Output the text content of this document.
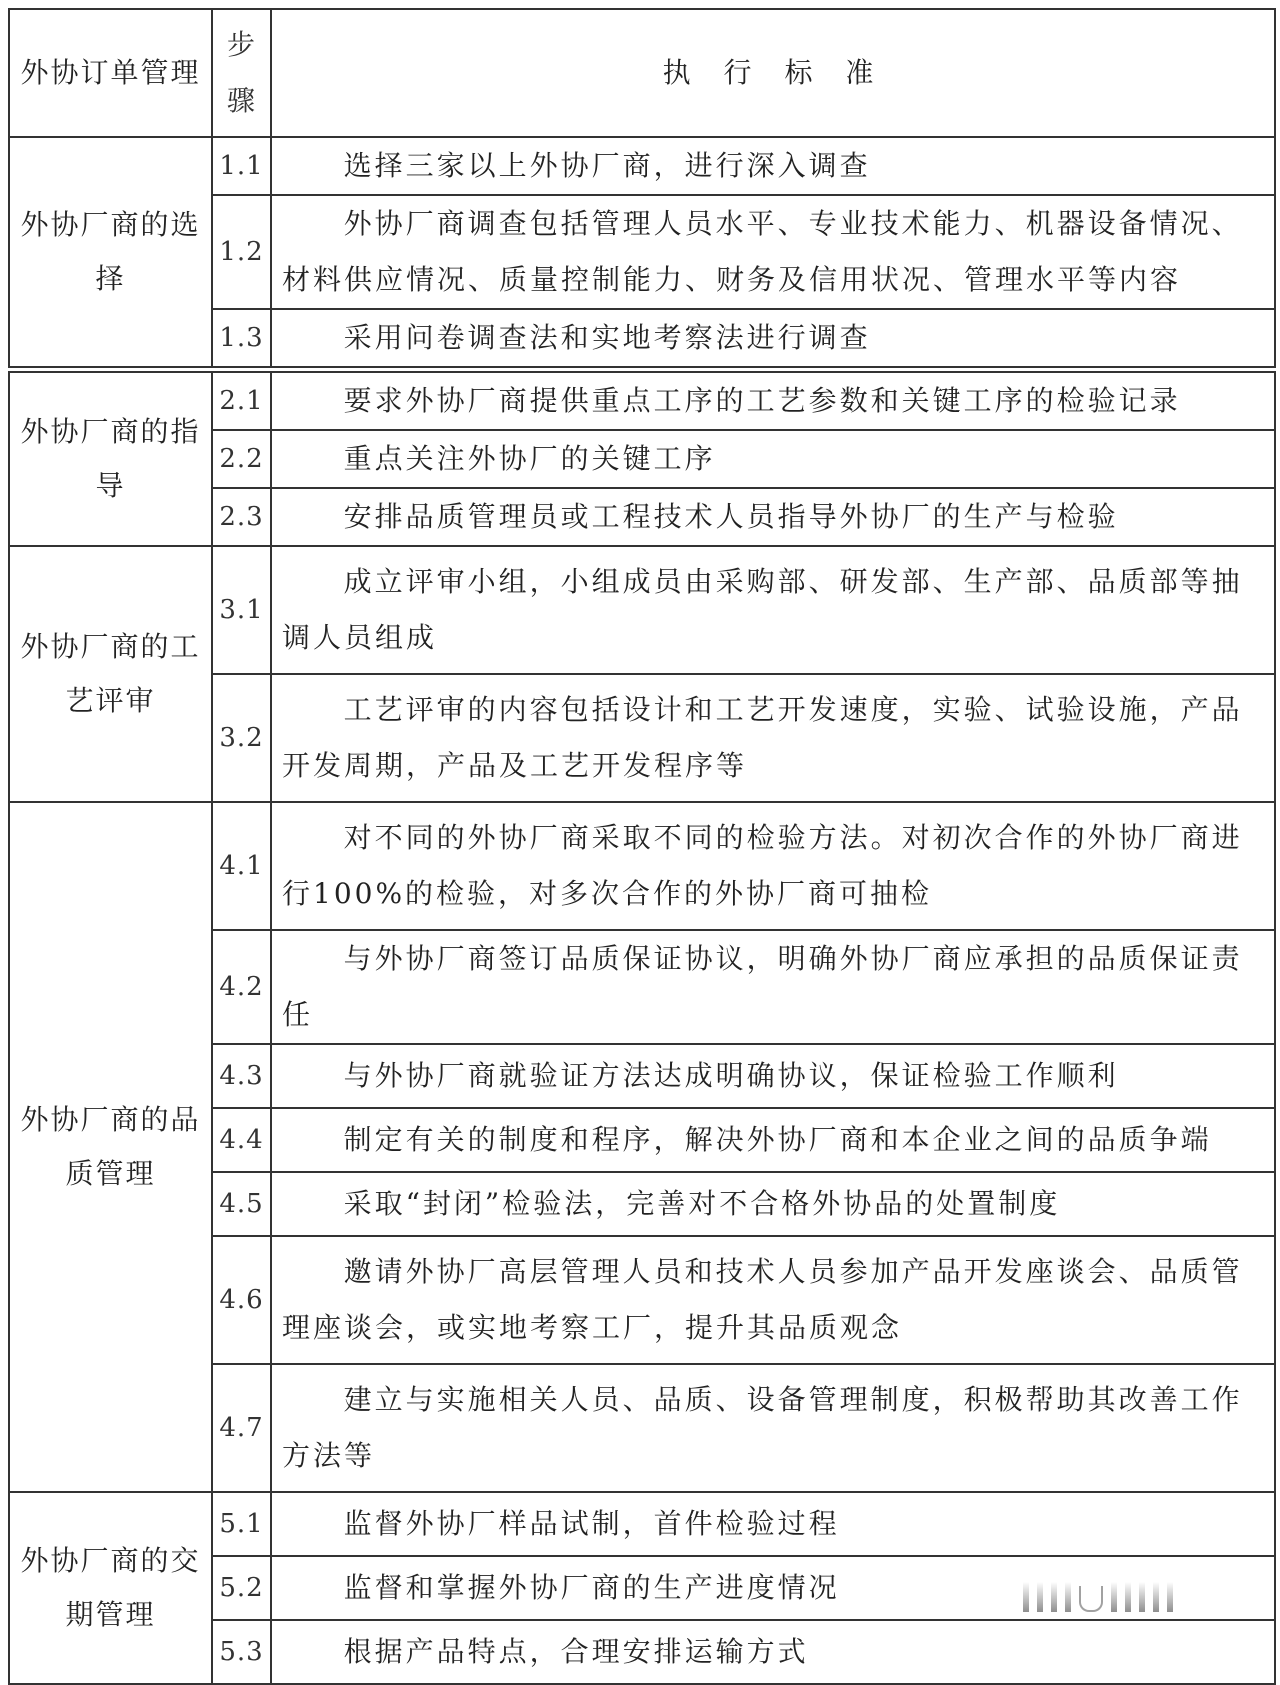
外协订单管理	步骤	执 行 标 准
外协厂商的选择	1.1	选择三家以上外协厂商，进行深入调查

	1.2	外协厂商调查包括管理人员水平、专业技术能力、机器设备情况、材料供应情况、质量控制能力、财务及信用状况、管理水平等内容

	1.3	采用问卷调查法和实地考察法进行调查

外协厂商的指导	2.1	要求外协厂商提供重点工序的工艺参数和关键工序的检验记录

	2.2	重点关注外协厂的关键工序

	2.3	安排品质管理员或工程技术人员指导外协厂的生产与检验

外协厂商的工艺评审	3.1	成立评审小组，小组成员由采购部、研发部、生产部、品质部等抽调人员组成

	3.2	工艺评审的内容包括设计和工艺开发速度，实验、试验设施，产品开发周期，产品及工艺开发程序等

外协厂商的品质管理	4.1	对不同的外协厂商采取不同的检验方法。对初次合作的外协厂商进行100%的检验，对多次合作的外协厂商可抽检

	4.2	与外协厂商签订品质保证协议，明确外协厂商应承担的品质保证责任

	4.3	与外协厂商就验证方法达成明确协议，保证检验工作顺利

	4.4	制定有关的制度和程序，解决外协厂商和本企业之间的品质争端

	4.5	采取“封闭”检验法，完善对不合格外协品的处置制度

	4.6	邀请外协厂高层管理人员和技术人员参加产品开发座谈会、品质管理座谈会，或实地考察工厂，提升其品质观念

	4.7	建立与实施相关人员、品质、设备管理制度，积极帮助其改善工作方法等

外协厂商的交期管理	5.1	监督外协厂样品试制，首件检验过程

	5.2	监督和掌握外协厂商的生产进度情况

	5.3	根据产品特点，合理安排运输方式
